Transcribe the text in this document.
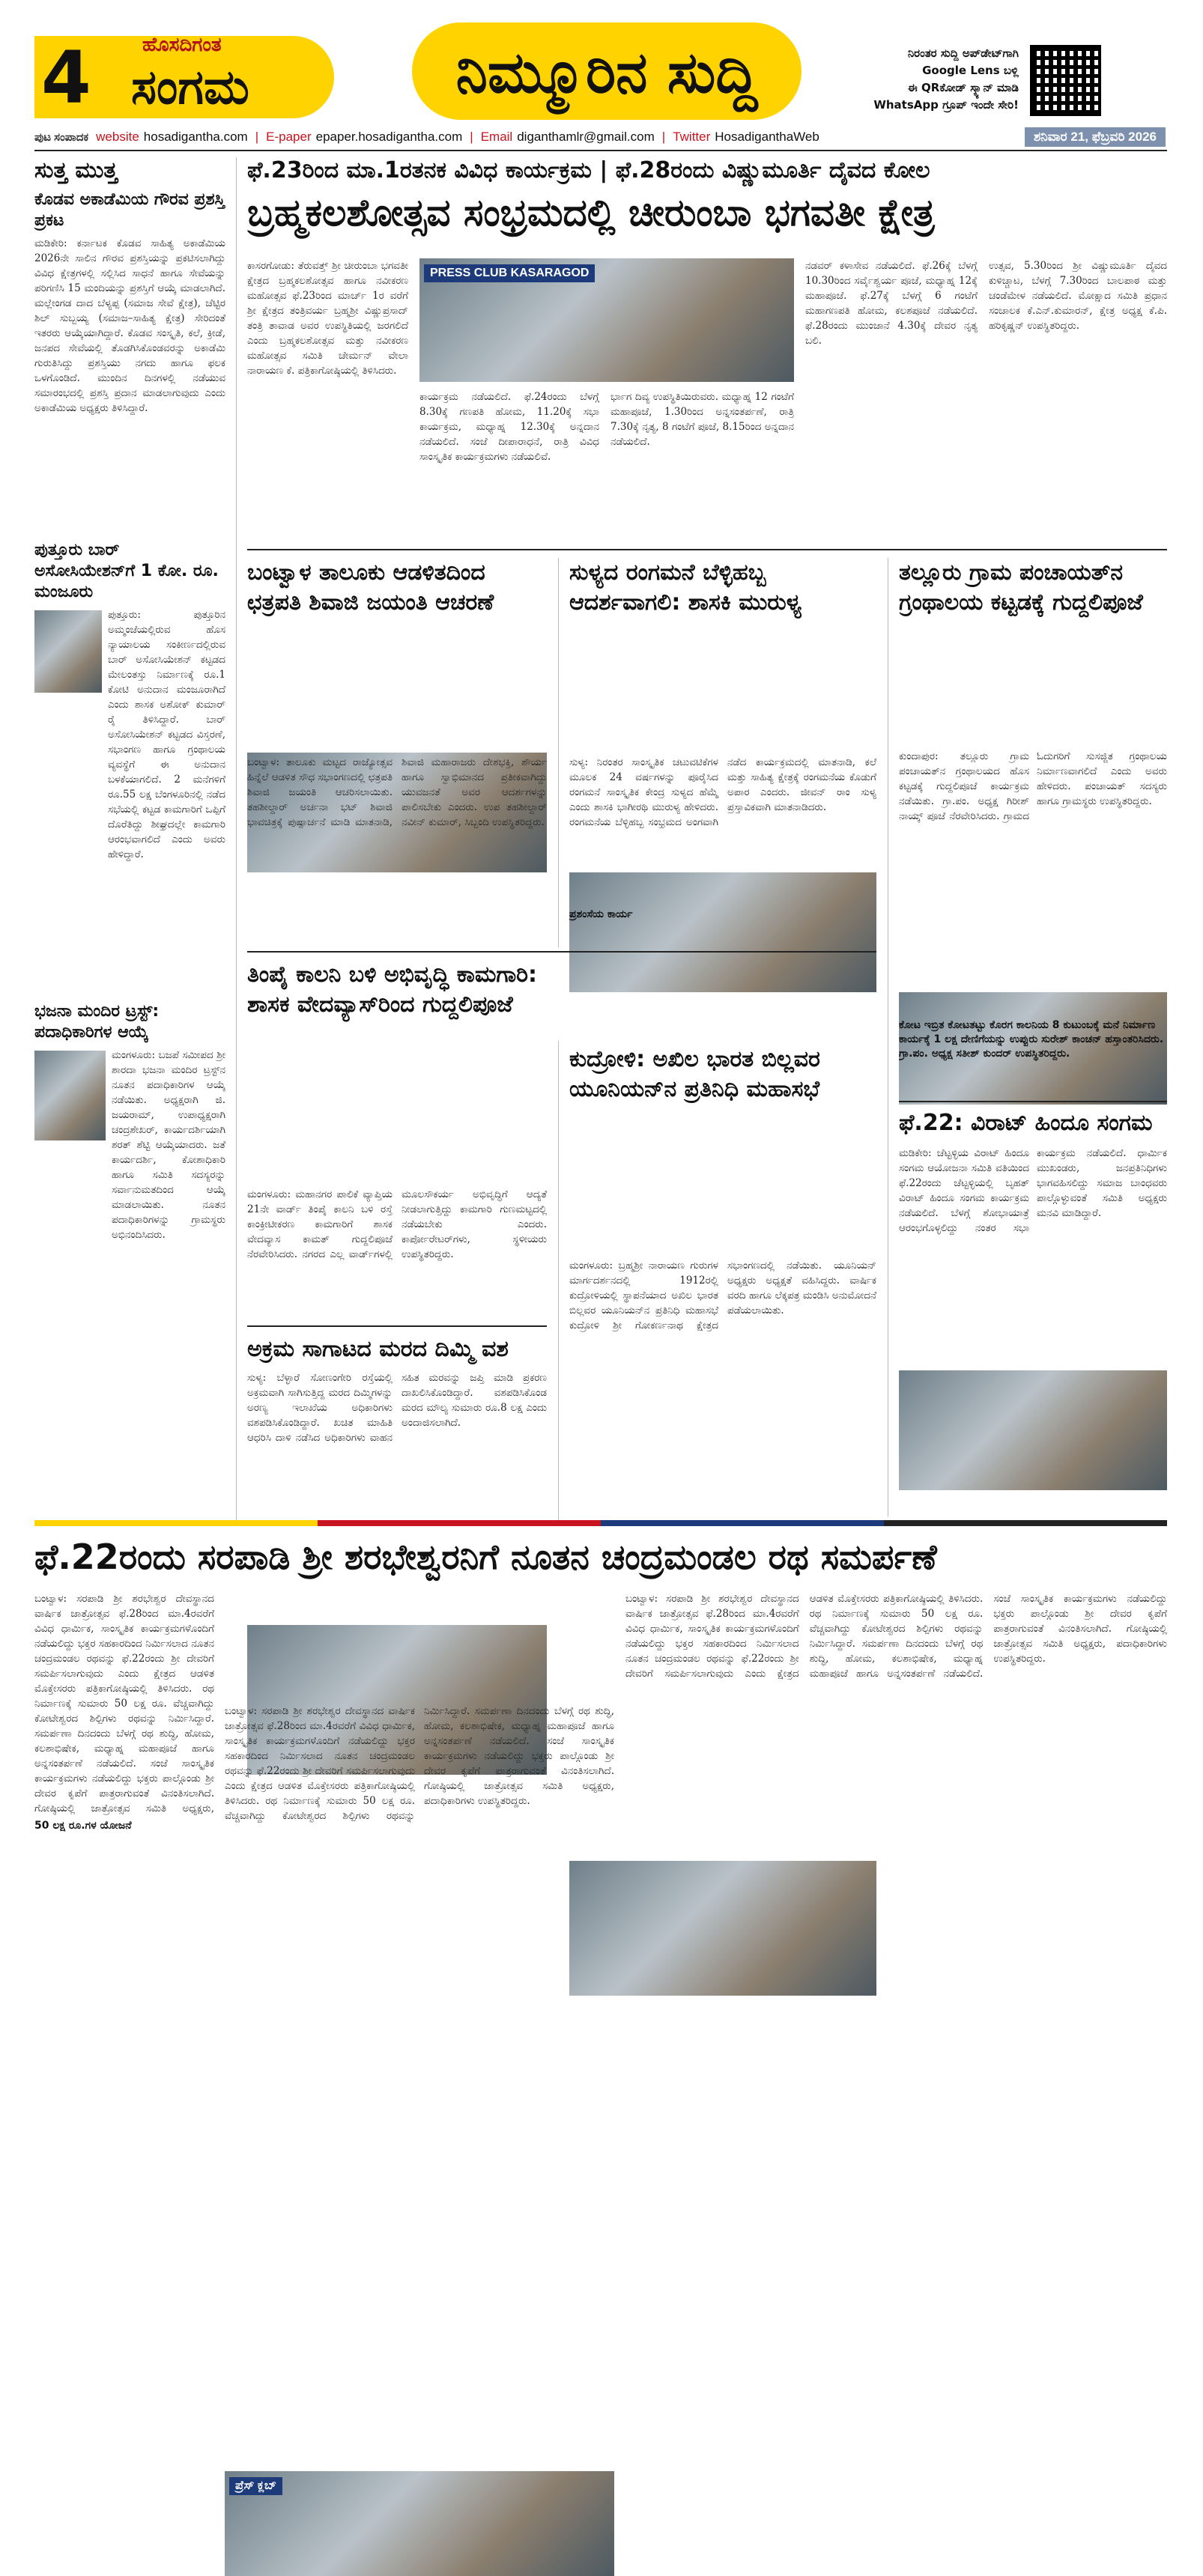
4	ಹೊಸದಿಗಂತ
ಸಂಗಮ	ನಿಮ್ಮೂರಿನ ಸುದ್ದಿ	ನಿರಂತರ ಸುದ್ದಿ ಅಪ್‌ಡೇಟ್‌ಗಾಗಿ
Google Lens ಬಳ್ಲಿ
ಈ QRಕೋಡ್ ಸ್ಕ್ಯಾನ್ ಮಾಡಿ
WhatsApp ಗ್ರೂಪ್ ಇಂದೇ ಸೇರಿ!
ಪುಟ ಸಂಪಾದಕ website hosadigantha.com | E-paper epaper.hosadigantha.com | Email diganthamlr@gmail.com | Twitter HosadiganthaWeb	ಶನಿವಾರ 21, ಫೆಬ್ರವರಿ 2026
ಸುತ್ತ ಮುತ್ತ
ಕೊಡವ ಅಕಾಡೆಮಿಯ ಗೌರವ ಪ್ರಶಸ್ತಿ ಪ್ರಕಟ

ಮಡಿಕೇರಿ: ಕರ್ನಾಟಕ ಕೊಡವ ಸಾಹಿತ್ಯ ಅಕಾಡೆಮಿಯ 2026ನೇ ಸಾಲಿನ ಗೌರವ ಪ್ರಶಸ್ತಿಯನ್ನು ಪ್ರಕಟಿಸಲಾಗಿದ್ದು ವಿವಿಧ ಕ್ಷೇತ್ರಗಳಲ್ಲಿ ಸಲ್ಲಿಸಿದ ಸಾಧನೆ ಹಾಗೂ ಸೇವೆಯನ್ನು ಪರಿಗಣಿಸಿ 15 ಮಂದಿಯನ್ನು ಪ್ರಶಸ್ತಿಗೆ ಆಯ್ಕೆ ಮಾಡಲಾಗಿದೆ. ಮಲ್ಲೇಂಗಡ ದಾದ ಬೆಳ್ಯಪ್ಪ (ಸಮಾಜ ಸೇವೆ ಕ್ಷೇತ್ರ), ಚೆಟ್ಟಿರ ಶಿಲ್ ಸುಬ್ಬಯ್ಯ (ಸಮಾಜ–ಸಾಹಿತ್ಯ ಕ್ಷೇತ್ರ) ಸೇರಿದಂತೆ ಇತರರು ಆಯ್ಕೆಯಾಗಿದ್ದಾರೆ. ಕೊಡವ ಸಂಸ್ಕೃತಿ, ಕಲೆ, ಕ್ರೀಡೆ, ಜನಪದ ಸೇವೆಯಲ್ಲಿ ತೊಡಗಿಸಿಕೊಂಡವರನ್ನು ಅಕಾಡೆಮಿ ಗುರುತಿಸಿದ್ದು ಪ್ರಶಸ್ತಿಯು ನಗದು ಹಾಗೂ ಫಲಕ ಒಳಗೊಂಡಿದೆ. ಮುಂದಿನ ದಿನಗಳಲ್ಲಿ ನಡೆಯುವ ಸಮಾರಂಭದಲ್ಲಿ ಪ್ರಶಸ್ತಿ ಪ್ರದಾನ ಮಾಡಲಾಗುವುದು ಎಂದು ಅಕಾಡೆಮಿಯ ಅಧ್ಯಕ್ಷರು ತಿಳಿಸಿದ್ದಾರೆ.

ಪುತ್ತೂರು ಬಾರ್ ಅಸೋಸಿಯೇಶನ್‌ಗೆ 1 ಕೋ. ರೂ. ಮಂಜೂರು

ಪುತ್ತೂರು: ಪುತ್ತೂರಿನ ಅಮ್ಮಂಜೆಯಲ್ಲಿರುವ ಹೊಸ ನ್ಯಾಯಾಲಯ ಸಂಕೀರ್ಣದಲ್ಲಿರುವ ಬಾರ್ ಅಸೋಸಿಯೇಶನ್ ಕಟ್ಟಡದ ಮೇಲಂತಸ್ತು ನಿರ್ಮಾಣಕ್ಕೆ ರೂ.1 ಕೋಟಿ ಅನುದಾನ ಮಂಜೂರಾಗಿದೆ ಎಂದು ಶಾಸಕ ಅಶೋಕ್ ಕುಮಾರ್ ರೈ ತಿಳಿಸಿದ್ದಾರೆ. ಬಾರ್ ಅಸೋಸಿಯೇಶನ್ ಕಟ್ಟಡದ ವಿಸ್ತರಣೆ, ಸಭಾಂಗಣ ಹಾಗೂ ಗ್ರಂಥಾಲಯ ವ್ಯವಸ್ಥೆಗೆ ಈ ಅನುದಾನ ಬಳಕೆಯಾಗಲಿದೆ. 2 ಮನೆಗಳಿಗೆ ರೂ.55 ಲಕ್ಷ ಬೆಂಗಳೂರಿನಲ್ಲಿ ನಡೆದ ಸಭೆಯಲ್ಲಿ ಕಟ್ಟಡ ಕಾಮಗಾರಿಗೆ ಒಪ್ಪಿಗೆ ದೊರೆತಿದ್ದು ಶೀಘ್ರದಲ್ಲೇ ಕಾಮಗಾರಿ ಆರಂಭವಾಗಲಿದೆ ಎಂದು ಅವರು ಹೇಳಿದ್ದಾರೆ.

ಭಜನಾ ಮಂದಿರ ಟ್ರಸ್ಟ್: ಪದಾಧಿಕಾರಿಗಳ ಆಯ್ಕೆ

ಮಂಗಳೂರು: ಬಜಪೆ ಸಮೀಪದ ಶ್ರೀ ಶಾರದಾ ಭಜನಾ ಮಂದಿರ ಟ್ರಸ್ಟ್‌ನ ನೂತನ ಪದಾಧಿಕಾರಿಗಳ ಆಯ್ಕೆ ನಡೆಯಿತು. ಅಧ್ಯಕ್ಷರಾಗಿ ಜಿ. ಜಯರಾಮ್, ಉಪಾಧ್ಯಕ್ಷರಾಗಿ ಚಂದ್ರಶೇಖರ್, ಕಾರ್ಯದರ್ಶಿಯಾಗಿ ಶರತ್ ಶೆಟ್ಟಿ ಆಯ್ಕೆಯಾದರು. ಜತೆ ಕಾರ್ಯದರ್ಶಿ, ಕೋಶಾಧಿಕಾರಿ ಹಾಗೂ ಸಮಿತಿ ಸದಸ್ಯರನ್ನು ಸರ್ವಾನುಮತದಿಂದ ಆಯ್ಕೆ ಮಾಡಲಾಯಿತು. ನೂತನ ಪದಾಧಿಕಾರಿಗಳನ್ನು ಗ್ರಾಮಸ್ಥರು ಅಭಿನಂದಿಸಿದರು.

ಫೆ.23ರಿಂದ ಮಾ.1ರತನಕ ವಿವಿಧ ಕಾರ್ಯಕ್ರಮ | ಫೆ.28ರಂದು ವಿಷ್ಣುಮೂರ್ತಿ ದೈವದ ಕೋಲ
ಬ್ರಹ್ಮಕಲಶೋತ್ಸವ ಸಂಭ್ರಮದಲ್ಲಿ ಚೀರುಂಬಾ ಭಗವತೀ ಕ್ಷೇತ್ರ

ಕಾಸರಗೋಡು: ತೆರುವತ್ತ್ ಶ್ರೀ ಚೀರುಂಬಾ ಭಗವತೀ ಕ್ಷೇತ್ರದ ಬ್ರಹ್ಮಕಲಶೋತ್ಸವ ಹಾಗೂ ನವೀಕರಣ ಮಹೋತ್ಸವ ಫೆ.23ರಿಂದ ಮಾರ್ಚ್ 1ರ ವರೆಗೆ ಶ್ರೀ ಕ್ಷೇತ್ರದ ತಂತ್ರಿವರ್ಯ ಬ್ರಹ್ಮಶ್ರೀ ವಿಷ್ಣುಪ್ರಸಾದ್ ತಂತ್ರಿ ತಾವಾಡ ಅವರ ಉಪಸ್ಥಿತಿಯಲ್ಲಿ ಜರಗಲಿದೆ ಎಂದು ಬ್ರಹ್ಮಕಲಶೋತ್ಸವ ಮತ್ತು ನವೀಕರಣ ಮಹೋತ್ಸವ ಸಮಿತಿ ಚೇರ್ಮನ್ ವೇಲಾ ನಾರಾಯಣ ಕೆ. ಪತ್ರಿಕಾಗೋಷ್ಠಿಯಲ್ಲಿ ತಿಳಿಸಿದರು.

PRESS CLUB KASARAGOD

ಕಾರ್ಯಕ್ರಮ ನಡೆಯಲಿದೆ. ಫೆ.24ರಂದು ಬೆಳಗ್ಗೆ 8.30ಕ್ಕೆ ಗಣಪತಿ ಹೋಮ, 11.20ಕ್ಕೆ ಸಭಾ ಕಾರ್ಯಕ್ರಮ, ಮಧ್ಯಾಹ್ನ 12.30ಕ್ಕೆ ಅನ್ನದಾನ ನಡೆಯಲಿದೆ. ಸಂಜೆ ದೀಪಾರಾಧನೆ, ರಾತ್ರಿ ವಿವಿಧ ಸಾಂಸ್ಕೃತಿಕ ಕಾರ್ಯಕ್ರಮಗಳು ನಡೆಯಲಿವೆ.

ರ್ಭಾಗ ದಿವ್ಯ ಉಪಸ್ಥಿತಿಯಿರುವರು. ಮಧ್ಯಾಹ್ನ 12 ಗಂಟೆಗೆ ಮಹಾಪೂಜೆ, 1.30ರಿಂದ ಅನ್ನಸಂತರ್ಪಣೆ, ರಾತ್ರಿ 7.30ಕ್ಕೆ ನೃತ್ಯ, 8 ಗಂಟೆಗೆ ಪೂಜೆ, 8.15ರಿಂದ ಅನ್ನದಾನ ನಡೆಯಲಿದೆ.

ನಡವರ್ ಕಳಾಸೇವ ನಡೆಯಲಿದೆ. ಫೆ.26ಕ್ಕೆ ಬೆಳಗ್ಗೆ 10.30ರಿಂದ ಸರ್ವೈಶ್ವರ್ಯ ಪೂಜೆ, ಮಧ್ಯಾಹ್ನ 12ಕ್ಕೆ ಮಹಾಪೂಜೆ. ಫೆ.27ಕ್ಕೆ ಬೆಳಗ್ಗೆ 6 ಗಂಟೆಗೆ ಮಹಾಗಣಪತಿ ಹೋಮ, ಕಲಶಪೂಜೆ ನಡೆಯಲಿದೆ. ಫೆ.28ರಂದು ಮುಂಜಾನೆ 4.30ಕ್ಕೆ ದೇವರ ನೃತ್ಯ ಬಲಿ.

ಉತ್ಸವ, 5.30ರಿಂದ ಶ್ರೀ ವಿಷ್ಣುಮೂರ್ತಿ ದೈವದ ಕುಳಿಚ್ಚಾಟ, ಬೆಳಗ್ಗೆ 7.30ರಿಂದ ಬಾಲಪಾಠ ಮತ್ತು ಚಂಡೆಮೇಳ ನಡೆಯಲಿದೆ. ಮೋಕ್ಷಾದ ಸಮಿತಿ ಪ್ರಧಾನ ಸಂಚಾಲಕ ಕೆ.ಎನ್.ಕುಮಾರನ್, ಕ್ಷೇತ್ರ ಅಧ್ಯಕ್ಷ ಕೆ.ಪಿ. ಹರಿಕೃಷ್ಣನ್ ಉಪಸ್ಥಿತರಿದ್ದರು.

ಬಂಟ್ವಾಳ ತಾಲೂಕು ಆಡಳಿತದಿಂದ ಛತ್ರಪತಿ ಶಿವಾಜಿ ಜಯಂತಿ ಆಚರಣೆ

ಬಂಟ್ವಾಳ: ತಾಲೂಕು ಮಟ್ಟದ ರಾಜ್ಯೋತ್ಸವ ಹಿನ್ನೆಲೆ ಆಡಳಿತ ಸೌಧ ಸಭಾಂಗಣದಲ್ಲಿ ಛತ್ರಪತಿ ಶಿವಾಜಿ ಜಯಂತಿ ಆಚರಿಸಲಾಯಿತು. ತಹಶೀಲ್ದಾರ್ ಅರ್ಚನಾ ಭಟ್ ಶಿವಾಜಿ ಭಾವಚಿತ್ರಕ್ಕೆ ಪುಷ್ಪಾರ್ಚನೆ ಮಾಡಿ ಮಾತನಾಡಿ, ಶಿವಾಜಿ ಮಹಾರಾಜರು ದೇಶಭಕ್ತಿ, ಶೌರ್ಯ ಹಾಗೂ ಸ್ವಾಭಿಮಾನದ ಪ್ರತೀಕವಾಗಿದ್ದು ಯುವಜನತೆ ಅವರ ಆದರ್ಶಗಳನ್ನು ಪಾಲಿಸಬೇಕು ಎಂದರು. ಉಪ ತಹಶೀಲ್ದಾರ್ ನವೀನ್ ಕುಮಾರ್, ಸಿಬ್ಬಂದಿ ಉಪಸ್ಥಿತರಿದ್ದರು.

ಸುಳ್ಯದ ರಂಗಮನೆ ಬೆಳ್ಳಿಹಬ್ಬ ಆದರ್ಶವಾಗಲಿ: ಶಾಸಕಿ ಮುರುಳ್ಯ

ಸುಳ್ಯ: ನಿರಂತರ ಸಾಂಸ್ಕೃತಿಕ ಚಟುವಟಿಕೆಗಳ ಮೂಲಕ 24 ವರ್ಷಗಳನ್ನು ಪೂರೈಸಿದ ರಂಗಮನೆ ಸಾಂಸ್ಕೃತಿಕ ಕೇಂದ್ರ ಸುಳ್ಯದ ಹೆಮ್ಮೆ ಎಂದು ಶಾಸಕಿ ಭಾಗೀರಥಿ ಮುರುಳ್ಯ ಹೇಳಿದರು. ರಂಗಮನೆಯ ಬೆಳ್ಳಿಹಬ್ಬ ಸಂಭ್ರಮದ ಅಂಗವಾಗಿ ನಡೆದ ಕಾರ್ಯಕ್ರಮದಲ್ಲಿ ಮಾತನಾಡಿ, ಕಲೆ ಮತ್ತು ಸಾಹಿತ್ಯ ಕ್ಷೇತ್ರಕ್ಕೆ ರಂಗಮನೆಯ ಕೊಡುಗೆ ಅಪಾರ ಎಂದರು. ಜೀವನ್ ರಾಂ ಸುಳ್ಯ ಪ್ರಸ್ತಾವಿಕವಾಗಿ ಮಾತನಾಡಿದರು.

ಪ್ರಶಂಸೆಯ ಕಾರ್ಯ
ತಲ್ಲೂರು ಗ್ರಾಮ ಪಂಚಾಯತ್‌ನ ಗ್ರಂಥಾಲಯ ಕಟ್ಟಡಕ್ಕೆ ಗುದ್ದಲಿಪೂಜೆ

ಕುಂದಾಪುರ: ತಲ್ಲೂರು ಗ್ರಾಮ ಪಂಚಾಯತ್‌ನ ಗ್ರಂಥಾಲಯದ ಹೊಸ ಕಟ್ಟಡಕ್ಕೆ ಗುದ್ದಲಿಪೂಜೆ ಕಾರ್ಯಕ್ರಮ ನಡೆಯಿತು. ಗ್ರಾ.ಪಂ. ಅಧ್ಯಕ್ಷ ಗಿರೀಶ್ ನಾಯ್ಕ್ ಪೂಜೆ ನೆರವೇರಿಸಿದರು. ಗ್ರಾಮದ ಓದುಗರಿಗೆ ಸುಸಜ್ಜಿತ ಗ್ರಂಥಾಲಯ ನಿರ್ಮಾಣವಾಗಲಿದೆ ಎಂದು ಅವರು ಹೇಳಿದರು. ಪಂಚಾಯತ್ ಸದಸ್ಯರು ಹಾಗೂ ಗ್ರಾಮಸ್ಥರು ಉಪಸ್ಥಿತರಿದ್ದರು.

ಕೋಟ ಇಬ್ರಿತ ಕೋಟತಟ್ಟು ಕೊರಗ ಕಾಲನಿಯ 8 ಕುಟುಂಬಕ್ಕೆ ಮನೆ ನಿರ್ಮಾಣ ಕಾರ್ಯಕ್ಕೆ 1 ಲಕ್ಷ ದೇಣಿಗೆಯನ್ನು ಉಪ್ಪುರು ಸುರೇಶ್ ಕಾಂಚನ್ ಹಸ್ತಾಂತರಿಸಿದರು. ಗ್ರಾ.ಪಂ. ಅಧ್ಯಕ್ಷ ಸತೀಶ್ ಕುಂದರ್ ಉಪಸ್ಥಿತರಿದ್ದರು.
ತಿಂಪೈ ಕಾಲನಿ ಬಳಿ ಅಭಿವೃದ್ಧಿ ಕಾಮಗಾರಿ: ಶಾಸಕ ವೇದವ್ಯಾಸ್‌ರಿಂದ ಗುದ್ದಲಿಪೂಜೆ

ಮಂಗಳೂರು: ಮಹಾನಗರ ಪಾಲಿಕೆ ವ್ಯಾಪ್ತಿಯ 21ನೇ ವಾರ್ಡ್ ತಿಂಪೈ ಕಾಲನಿ ಬಳಿ ರಸ್ತೆ ಕಾಂಕ್ರೀಟೀಕರಣ ಕಾಮಗಾರಿಗೆ ಶಾಸಕ ವೇದವ್ಯಾಸ ಕಾಮತ್ ಗುದ್ದಲಿಪೂಜೆ ನೆರವೇರಿಸಿದರು. ನಗರದ ಎಲ್ಲ ವಾರ್ಡ್‌ಗಳಲ್ಲಿ ಮೂಲಸೌಕರ್ಯ ಅಭಿವೃದ್ಧಿಗೆ ಆದ್ಯತೆ ನೀಡಲಾಗುತ್ತಿದ್ದು ಕಾಮಗಾರಿ ಗುಣಮಟ್ಟದಲ್ಲಿ ನಡೆಯಬೇಕು ಎಂದರು. ಕಾರ್ಪೋರೇಟರ್‌ಗಳು, ಸ್ಥಳೀಯರು ಉಪಸ್ಥಿತರಿದ್ದರು.

ಕುದ್ರೋಳಿ: ಅಖಿಲ ಭಾರತ ಬಿಲ್ಲವರ ಯೂನಿಯನ್‌ನ ಪ್ರತಿನಿಧಿ ಮಹಾಸಭೆ

ಮಂಗಳೂರು: ಬ್ರಹ್ಮಶ್ರೀ ನಾರಾಯಣ ಗುರುಗಳ ಮಾರ್ಗದರ್ಶನದಲ್ಲಿ 1912ರಲ್ಲಿ ಕುದ್ರೋಳಿಯಲ್ಲಿ ಸ್ಥಾಪನೆಯಾದ ಅಖಿಲ ಭಾರತ ಬಿಲ್ಲವರ ಯೂನಿಯನ್‌ನ ಪ್ರತಿನಿಧಿ ಮಹಾಸಭೆ ಕುದ್ರೋಳಿ ಶ್ರೀ ಗೋಕರ್ಣನಾಥ ಕ್ಷೇತ್ರದ ಸಭಾಂಗಣದಲ್ಲಿ ನಡೆಯಿತು. ಯೂನಿಯನ್ ಅಧ್ಯಕ್ಷರು ಅಧ್ಯಕ್ಷತೆ ವಹಿಸಿದ್ದರು. ವಾರ್ಷಿಕ ವರದಿ ಹಾಗೂ ಲೆಕ್ಕಪತ್ರ ಮಂಡಿಸಿ ಅನುಮೋದನೆ ಪಡೆಯಲಾಯಿತು.

ಅಕ್ರಮ ಸಾಗಾಟದ ಮರದ ದಿಮ್ಮಿ ವಶ

ಸುಳ್ಯ: ಬೆಳ್ಳಾರೆ ಸೋಣಂಗೇರಿ ರಸ್ತೆಯಲ್ಲಿ ಅಕ್ರಮವಾಗಿ ಸಾಗಿಸುತ್ತಿದ್ದ ಮರದ ದಿಮ್ಮಿಗಳನ್ನು ಅರಣ್ಯ ಇಲಾಖೆಯ ಅಧಿಕಾರಿಗಳು ವಶಪಡಿಸಿಕೊಂಡಿದ್ದಾರೆ. ಖಚಿತ ಮಾಹಿತಿ ಆಧರಿಸಿ ದಾಳಿ ನಡೆಸಿದ ಅಧಿಕಾರಿಗಳು ವಾಹನ ಸಹಿತ ಮರವನ್ನು ಜಪ್ತಿ ಮಾಡಿ ಪ್ರಕರಣ ದಾಖಲಿಸಿಕೊಂಡಿದ್ದಾರೆ. ವಶಪಡಿಸಿಕೊಂಡ ಮರದ ಮೌಲ್ಯ ಸುಮಾರು ರೂ.8 ಲಕ್ಷ ಎಂದು ಅಂದಾಜಿಸಲಾಗಿದೆ.

ಫೆ.22: ವಿರಾಟ್ ಹಿಂದೂ ಸಂಗಮ

ಮಡಿಕೇರಿ: ಚೆಟ್ಟಳ್ಳಿಯ ವಿರಾಟ್ ಹಿಂದೂ ಸಂಗಮ ಆಯೋಜನಾ ಸಮಿತಿ ವತಿಯಿಂದ ಫೆ.22ರಂದು ಚೆಟ್ಟಳ್ಳಿಯಲ್ಲಿ ಬೃಹತ್ ವಿರಾಟ್ ಹಿಂದೂ ಸಂಗಮ ಕಾರ್ಯಕ್ರಮ ನಡೆಯಲಿದೆ. ಬೆಳಗ್ಗೆ ಶೋಭಾಯಾತ್ರೆ ಆರಂಭಗೊಳ್ಳಲಿದ್ದು ನಂತರ ಸಭಾ ಕಾರ್ಯಕ್ರಮ ನಡೆಯಲಿದೆ. ಧಾರ್ಮಿಕ ಮುಖಂಡರು, ಜನಪ್ರತಿನಿಧಿಗಳು ಭಾಗವಹಿಸಲಿದ್ದು ಸಮಾಜ ಬಾಂಧವರು ಪಾಲ್ಗೊಳ್ಳುವಂತೆ ಸಮಿತಿ ಅಧ್ಯಕ್ಷರು ಮನವಿ ಮಾಡಿದ್ದಾರೆ.

ಫೆ.22ರಂದು ಸರಪಾಡಿ ಶ್ರೀ ಶರಭೇಶ್ವರನಿಗೆ ನೂತನ ಚಂದ್ರಮಂಡಲ ರಥ ಸಮರ್ಪಣೆ
ಪ್ರೆಸ್ ಕ್ಲಬ್

ಬಂಟ್ವಾಳ: ಸರಪಾಡಿ ಶ್ರೀ ಶರಭೇಶ್ವರ ದೇವಸ್ಥಾನದ ವಾರ್ಷಿಕ ಜಾತ್ರೋತ್ಸವ ಫೆ.28ರಿಂದ ಮಾ.4ರವರೆಗೆ ವಿವಿಧ ಧಾರ್ಮಿಕ, ಸಾಂಸ್ಕೃತಿಕ ಕಾರ್ಯಕ್ರಮಗಳೊಂದಿಗೆ ನಡೆಯಲಿದ್ದು ಭಕ್ತರ ಸಹಕಾರದಿಂದ ನಿರ್ಮಿಸಲಾದ ನೂತನ ಚಂದ್ರಮಂಡಲ ರಥವನ್ನು ಫೆ.22ರಂದು ಶ್ರೀ ದೇವರಿಗೆ ಸಮರ್ಪಿಸಲಾಗುವುದು ಎಂದು ಕ್ಷೇತ್ರದ ಆಡಳಿತ ಮೊಕ್ತೇಸರರು ಪತ್ರಿಕಾಗೋಷ್ಠಿಯಲ್ಲಿ ತಿಳಿಸಿದರು. ರಥ ನಿರ್ಮಾಣಕ್ಕೆ ಸುಮಾರು 50 ಲಕ್ಷ ರೂ. ವೆಚ್ಚವಾಗಿದ್ದು ಕೋಟೇಶ್ವರದ ಶಿಲ್ಪಿಗಳು ರಥವನ್ನು ನಿರ್ಮಿಸಿದ್ದಾರೆ. ಸಮರ್ಪಣಾ ದಿನದಂದು ಬೆಳಗ್ಗೆ ರಥ ಶುದ್ಧಿ, ಹೋಮ, ಕಲಶಾಭಿಷೇಕ, ಮಧ್ಯಾಹ್ನ ಮಹಾಪೂಜೆ ಹಾಗೂ ಅನ್ನಸಂತರ್ಪಣೆ ನಡೆಯಲಿದೆ. ಸಂಜೆ ಸಾಂಸ್ಕೃತಿಕ ಕಾರ್ಯಕ್ರಮಗಳು ನಡೆಯಲಿದ್ದು ಭಕ್ತರು ಪಾಲ್ಗೊಂಡು ಶ್ರೀ ದೇವರ ಕೃಪೆಗೆ ಪಾತ್ರರಾಗುವಂತೆ ವಿನಂತಿಸಲಾಗಿದೆ. ಗೋಷ್ಠಿಯಲ್ಲಿ ಜಾತ್ರೋತ್ಸವ ಸಮಿತಿ ಅಧ್ಯಕ್ಷರು,

50 ಲಕ್ಷ ರೂ.ಗಳ ಯೋಜನೆ

ಬಂಟ್ವಾಳ: ಸರಪಾಡಿ ಶ್ರೀ ಶರಭೇಶ್ವರ ದೇವಸ್ಥಾನದ ವಾರ್ಷಿಕ ಜಾತ್ರೋತ್ಸವ ಫೆ.28ರಿಂದ ಮಾ.4ರವರೆಗೆ ವಿವಿಧ ಧಾರ್ಮಿಕ, ಸಾಂಸ್ಕೃತಿಕ ಕಾರ್ಯಕ್ರಮಗಳೊಂದಿಗೆ ನಡೆಯಲಿದ್ದು ಭಕ್ತರ ಸಹಕಾರದಿಂದ ನಿರ್ಮಿಸಲಾದ ನೂತನ ಚಂದ್ರಮಂಡಲ ರಥವನ್ನು ಫೆ.22ರಂದು ಶ್ರೀ ದೇವರಿಗೆ ಸಮರ್ಪಿಸಲಾಗುವುದು ಎಂದು ಕ್ಷೇತ್ರದ ಆಡಳಿತ ಮೊಕ್ತೇಸರರು ಪತ್ರಿಕಾಗೋಷ್ಠಿಯಲ್ಲಿ ತಿಳಿಸಿದರು. ರಥ ನಿರ್ಮಾಣಕ್ಕೆ ಸುಮಾರು 50 ಲಕ್ಷ ರೂ. ವೆಚ್ಚವಾಗಿದ್ದು ಕೋಟೇಶ್ವರದ ಶಿಲ್ಪಿಗಳು ರಥವನ್ನು ನಿರ್ಮಿಸಿದ್ದಾರೆ. ಸಮರ್ಪಣಾ ದಿನದಂದು ಬೆಳಗ್ಗೆ ರಥ ಶುದ್ಧಿ, ಹೋಮ, ಕಲಶಾಭಿಷೇಕ, ಮಧ್ಯಾಹ್ನ ಮಹಾಪೂಜೆ ಹಾಗೂ ಅನ್ನಸಂತರ್ಪಣೆ ನಡೆಯಲಿದೆ. ಸಂಜೆ ಸಾಂಸ್ಕೃತಿಕ ಕಾರ್ಯಕ್ರಮಗಳು ನಡೆಯಲಿದ್ದು ಭಕ್ತರು ಪಾಲ್ಗೊಂಡು ಶ್ರೀ ದೇವರ ಕೃಪೆಗೆ ಪಾತ್ರರಾಗುವಂತೆ ವಿನಂತಿಸಲಾಗಿದೆ. ಗೋಷ್ಠಿಯಲ್ಲಿ ಜಾತ್ರೋತ್ಸವ ಸಮಿತಿ ಅಧ್ಯಕ್ಷರು, ಪದಾಧಿಕಾರಿಗಳು ಉಪಸ್ಥಿತರಿದ್ದರು.

ಬಂಟ್ವಾಳ: ಸರಪಾಡಿ ಶ್ರೀ ಶರಭೇಶ್ವರ ದೇವಸ್ಥಾನದ ವಾರ್ಷಿಕ ಜಾತ್ರೋತ್ಸವ ಫೆ.28ರಿಂದ ಮಾ.4ರವರೆಗೆ ವಿವಿಧ ಧಾರ್ಮಿಕ, ಸಾಂಸ್ಕೃತಿಕ ಕಾರ್ಯಕ್ರಮಗಳೊಂದಿಗೆ ನಡೆಯಲಿದ್ದು ಭಕ್ತರ ಸಹಕಾರದಿಂದ ನಿರ್ಮಿಸಲಾದ ನೂತನ ಚಂದ್ರಮಂಡಲ ರಥವನ್ನು ಫೆ.22ರಂದು ಶ್ರೀ ದೇವರಿಗೆ ಸಮರ್ಪಿಸಲಾಗುವುದು ಎಂದು ಕ್ಷೇತ್ರದ ಆಡಳಿತ ಮೊಕ್ತೇಸರರು ಪತ್ರಿಕಾಗೋಷ್ಠಿಯಲ್ಲಿ ತಿಳಿಸಿದರು. ರಥ ನಿರ್ಮಾಣಕ್ಕೆ ಸುಮಾರು 50 ಲಕ್ಷ ರೂ. ವೆಚ್ಚವಾಗಿದ್ದು ಕೋಟೇಶ್ವರದ ಶಿಲ್ಪಿಗಳು ರಥವನ್ನು ನಿರ್ಮಿಸಿದ್ದಾರೆ. ಸಮರ್ಪಣಾ ದಿನದಂದು ಬೆಳಗ್ಗೆ ರಥ ಶುದ್ಧಿ, ಹೋಮ, ಕಲಶಾಭಿಷೇಕ, ಮಧ್ಯಾಹ್ನ ಮಹಾಪೂಜೆ ಹಾಗೂ ಅನ್ನಸಂತರ್ಪಣೆ ನಡೆಯಲಿದೆ. ಸಂಜೆ ಸಾಂಸ್ಕೃತಿಕ ಕಾರ್ಯಕ್ರಮಗಳು ನಡೆಯಲಿದ್ದು ಭಕ್ತರು ಪಾಲ್ಗೊಂಡು ಶ್ರೀ ದೇವರ ಕೃಪೆಗೆ ಪಾತ್ರರಾಗುವಂತೆ ವಿನಂತಿಸಲಾಗಿದೆ. ಗೋಷ್ಠಿಯಲ್ಲಿ ಜಾತ್ರೋತ್ಸವ ಸಮಿತಿ ಅಧ್ಯಕ್ಷರು, ಪದಾಧಿಕಾರಿಗಳು ಉಪಸ್ಥಿತರಿದ್ದರು.
